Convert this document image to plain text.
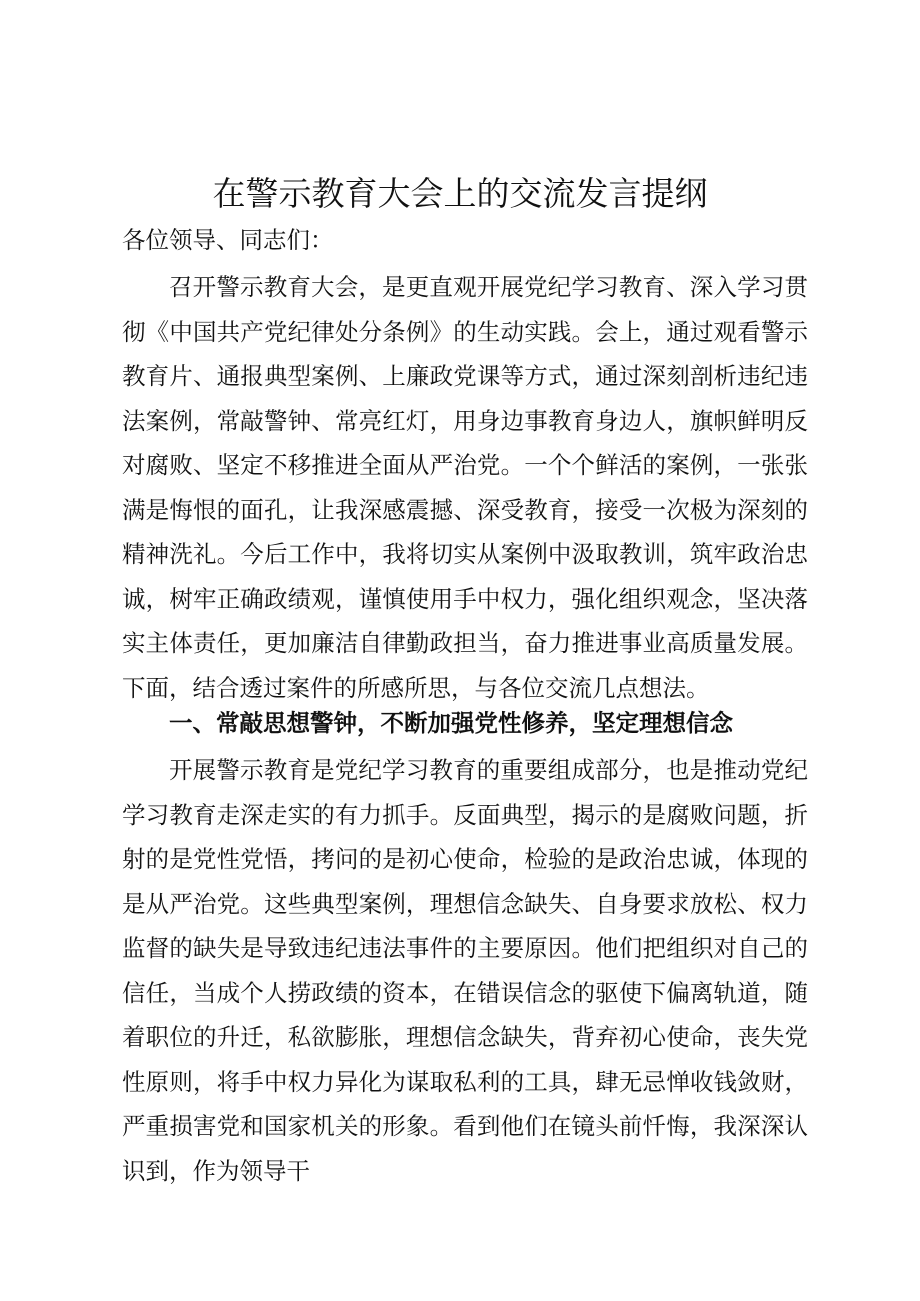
在警示教育大会上的交流发言提纲

各位领导、同志们：

召开警示教育大会，是更直观开展党纪学习教育、深入学习贯彻《中国共产党纪律处分条例》的生动实践。会上，通过观看警示教育片、通报典型案例、上廉政党课等方式，通过深刻剖析违纪违法案例，常敲警钟、常亮红灯，用身边事教育身边人，旗帜鲜明反对腐败、坚定不移推进全面从严治党。一个个鲜活的案例，一张张满是悔恨的面孔，让我深感震撼、深受教育，接受一次极为深刻的精神洗礼。今后工作中，我将切实从案例中汲取教训，筑牢政治忠诚，树牢正确政绩观，谨慎使用手中权力，强化组织观念，坚决落实主体责任，更加廉洁自律勤政担当，奋力推进事业高质量发展。下面，结合透过案件的所感所思，与各位交流几点想法。

一、常敲思想警钟，不断加强党性修养，坚定理想信念

开展警示教育是党纪学习教育的重要组成部分，也是推动党纪学习教育走深走实的有力抓手。反面典型，揭示的是腐败问题，折射的是党性党悟，拷问的是初心使命，检验的是政治忠诚，体现的是从严治党。这些典型案例，理想信念缺失、自身要求放松、权力监督的缺失是导致违纪违法事件的主要原因。他们把组织对自己的信任，当成个人捞政绩的资本，在错误信念的驱使下偏离轨道，随着职位的升迁，私欲膨胀，理想信念缺失，背弃初心使命，丧失党性原则，将手中权力异化为谋取私利的工具，肆无忌惮收钱敛财，严重损害党和国家机关的形象。看到他们在镜头前忏悔，我深深认识到，作为领导干
